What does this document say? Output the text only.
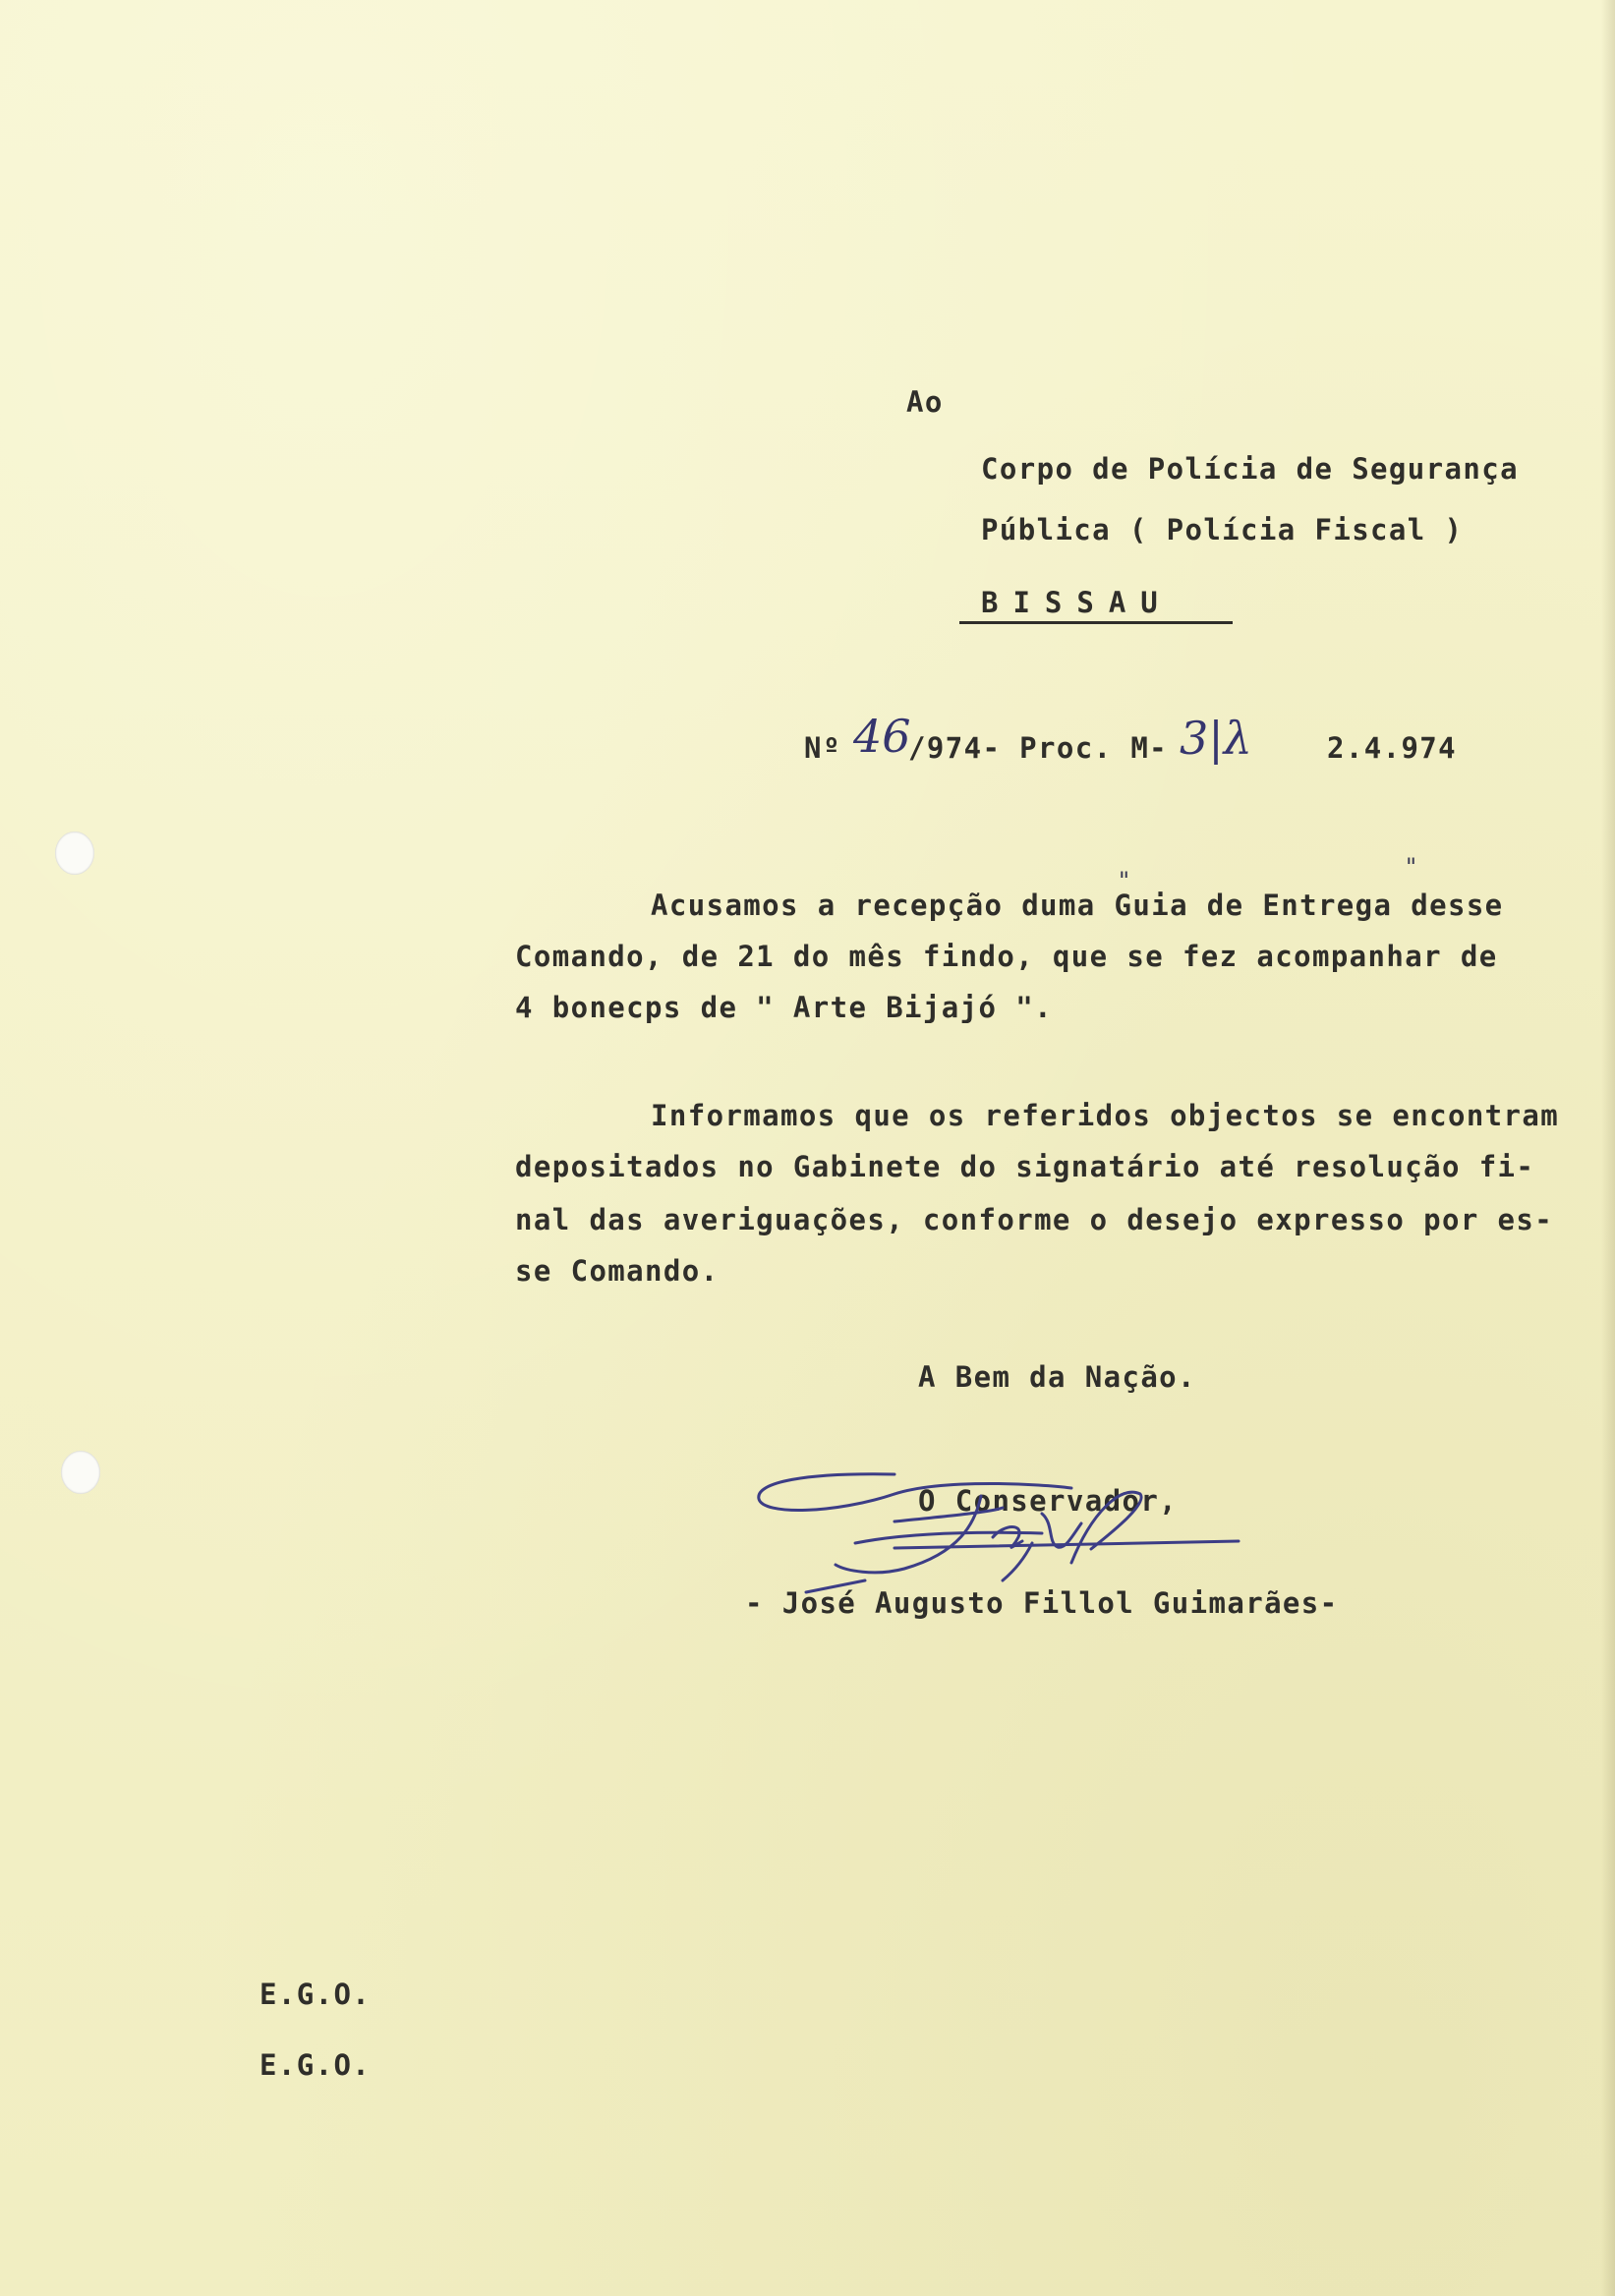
Ao
Corpo de Polícia de Segurança
Pública ( Polícia Fiscal )
BISSAU
Nº 46
/974- Proc. M- 3|λ	2.4.974
Acusamos a recepção duma Guia de Entrega desse
"	"
Comando, de 21 do mês findo, que se fez acompanhar de
4 bonecps de " Arte Bijajó ".
Informamos que os referidos objectos se encontram
depositados no Gabinete do signatário até resolução fi-
nal das averiguações, conforme o desejo expresso por es-
se Comando.
A Bem da Nação.
O Conservador,
- José Augusto Fillol Guimarães-
E.G.O.
E.G.O.
